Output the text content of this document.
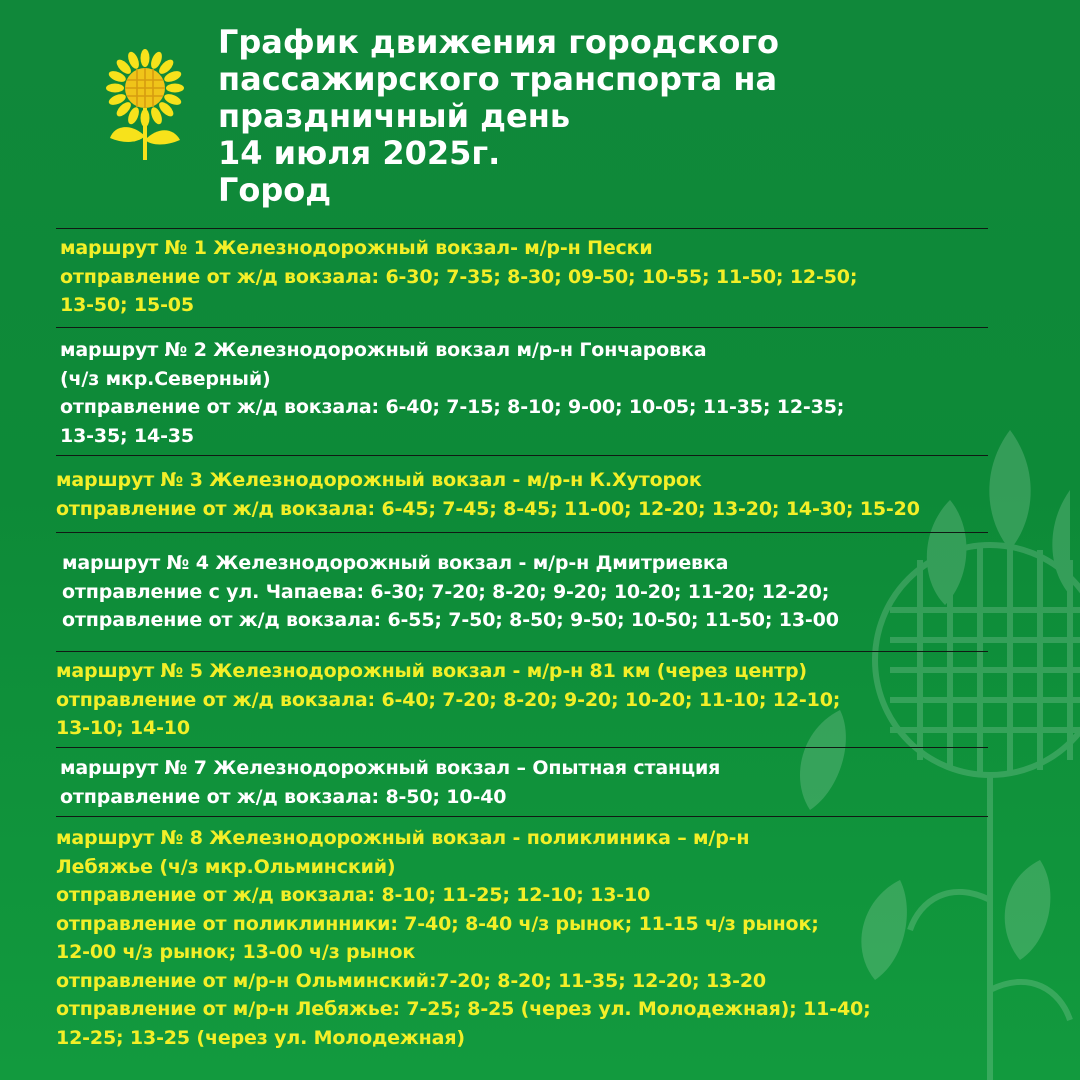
График движения городского
пассажирского транспорта на
праздничный день
14 июля 2025г.
Город
маршрут № 1 Железнодорожный вокзал- м/р-н Пески
отправление от ж/д вокзала: 6-30; 7-35; 8-30; 09-50; 10-55; 11-50; 12-50;
13-50; 15-05
маршрут № 2 Железнодорожный вокзал м/р-н Гончаровка
(ч/з мкр.Северный)
отправление от ж/д вокзала: 6-40; 7-15; 8-10; 9-00; 10-05; 11-35; 12-35;
13-35; 14-35
маршрут № 3 Железнодорожный вокзал - м/р-н К.Хуторок
отправление от ж/д вокзала: 6-45; 7-45; 8-45; 11-00; 12-20; 13-20; 14-30; 15-20
маршрут № 4 Железнодорожный вокзал - м/р-н Дмитриевка
отправление с ул. Чапаева: 6-30; 7-20; 8-20; 9-20; 10-20; 11-20; 12-20;
отправление от ж/д вокзала: 6-55; 7-50; 8-50; 9-50; 10-50; 11-50; 13-00
маршрут № 5 Железнодорожный вокзал - м/р-н 81 км (через центр)
отправление от ж/д вокзала: 6-40; 7-20; 8-20; 9-20; 10-20; 11-10; 12-10;
13-10; 14-10
маршрут № 7 Железнодорожный вокзал – Опытная станция
отправление от ж/д вокзала: 8-50; 10-40
маршрут № 8 Железнодорожный вокзал - поликлиника – м/р-н
Лебяжье (ч/з мкр.Ольминский)
отправление от ж/д вокзала: 8-10; 11-25; 12-10; 13-10
отправление от поликлинники: 7-40; 8-40 ч/з рынок; 11-15 ч/з рынок;
12-00 ч/з рынок; 13-00 ч/з рынок
отправление от м/р-н Ольминский:7-20; 8-20; 11-35; 12-20; 13-20
отправление от м/р-н Лебяжье: 7-25; 8-25 (через ул. Молодежная); 11-40;
12-25; 13-25 (через ул. Молодежная)
